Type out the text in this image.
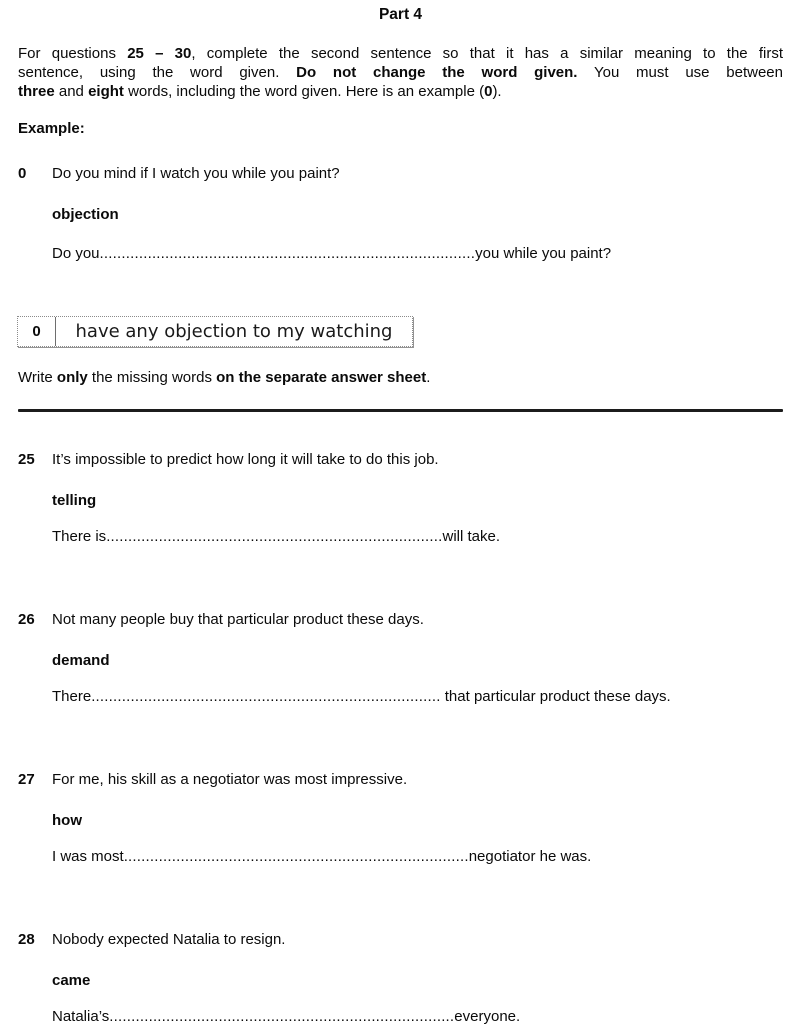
Part 4
For questions 25 – 30, complete the second sentence so that it has a similar meaning to the first
sentence, using the word given. Do not change the word given. You must use between
three and eight words, including the word given. Here is an example (0).
Example:
0	Do you mind if I watch you while you paint?
objection
Do you......................................................................................you while you paint?
0	have any objection to my watching
Write only the missing words on the separate answer sheet.
25	It’s impossible to predict how long it will take to do this job.
telling
There is.............................................................................will take.
26	Not many people buy that particular product these days.
demand
There................................................................................ that particular product these days.
27	For me, his skill as a negotiator was most impressive.
how
I was most...............................................................................negotiator he was.
28	Nobody expected Natalia to resign.
came
Natalia’s...............................................................................everyone.
